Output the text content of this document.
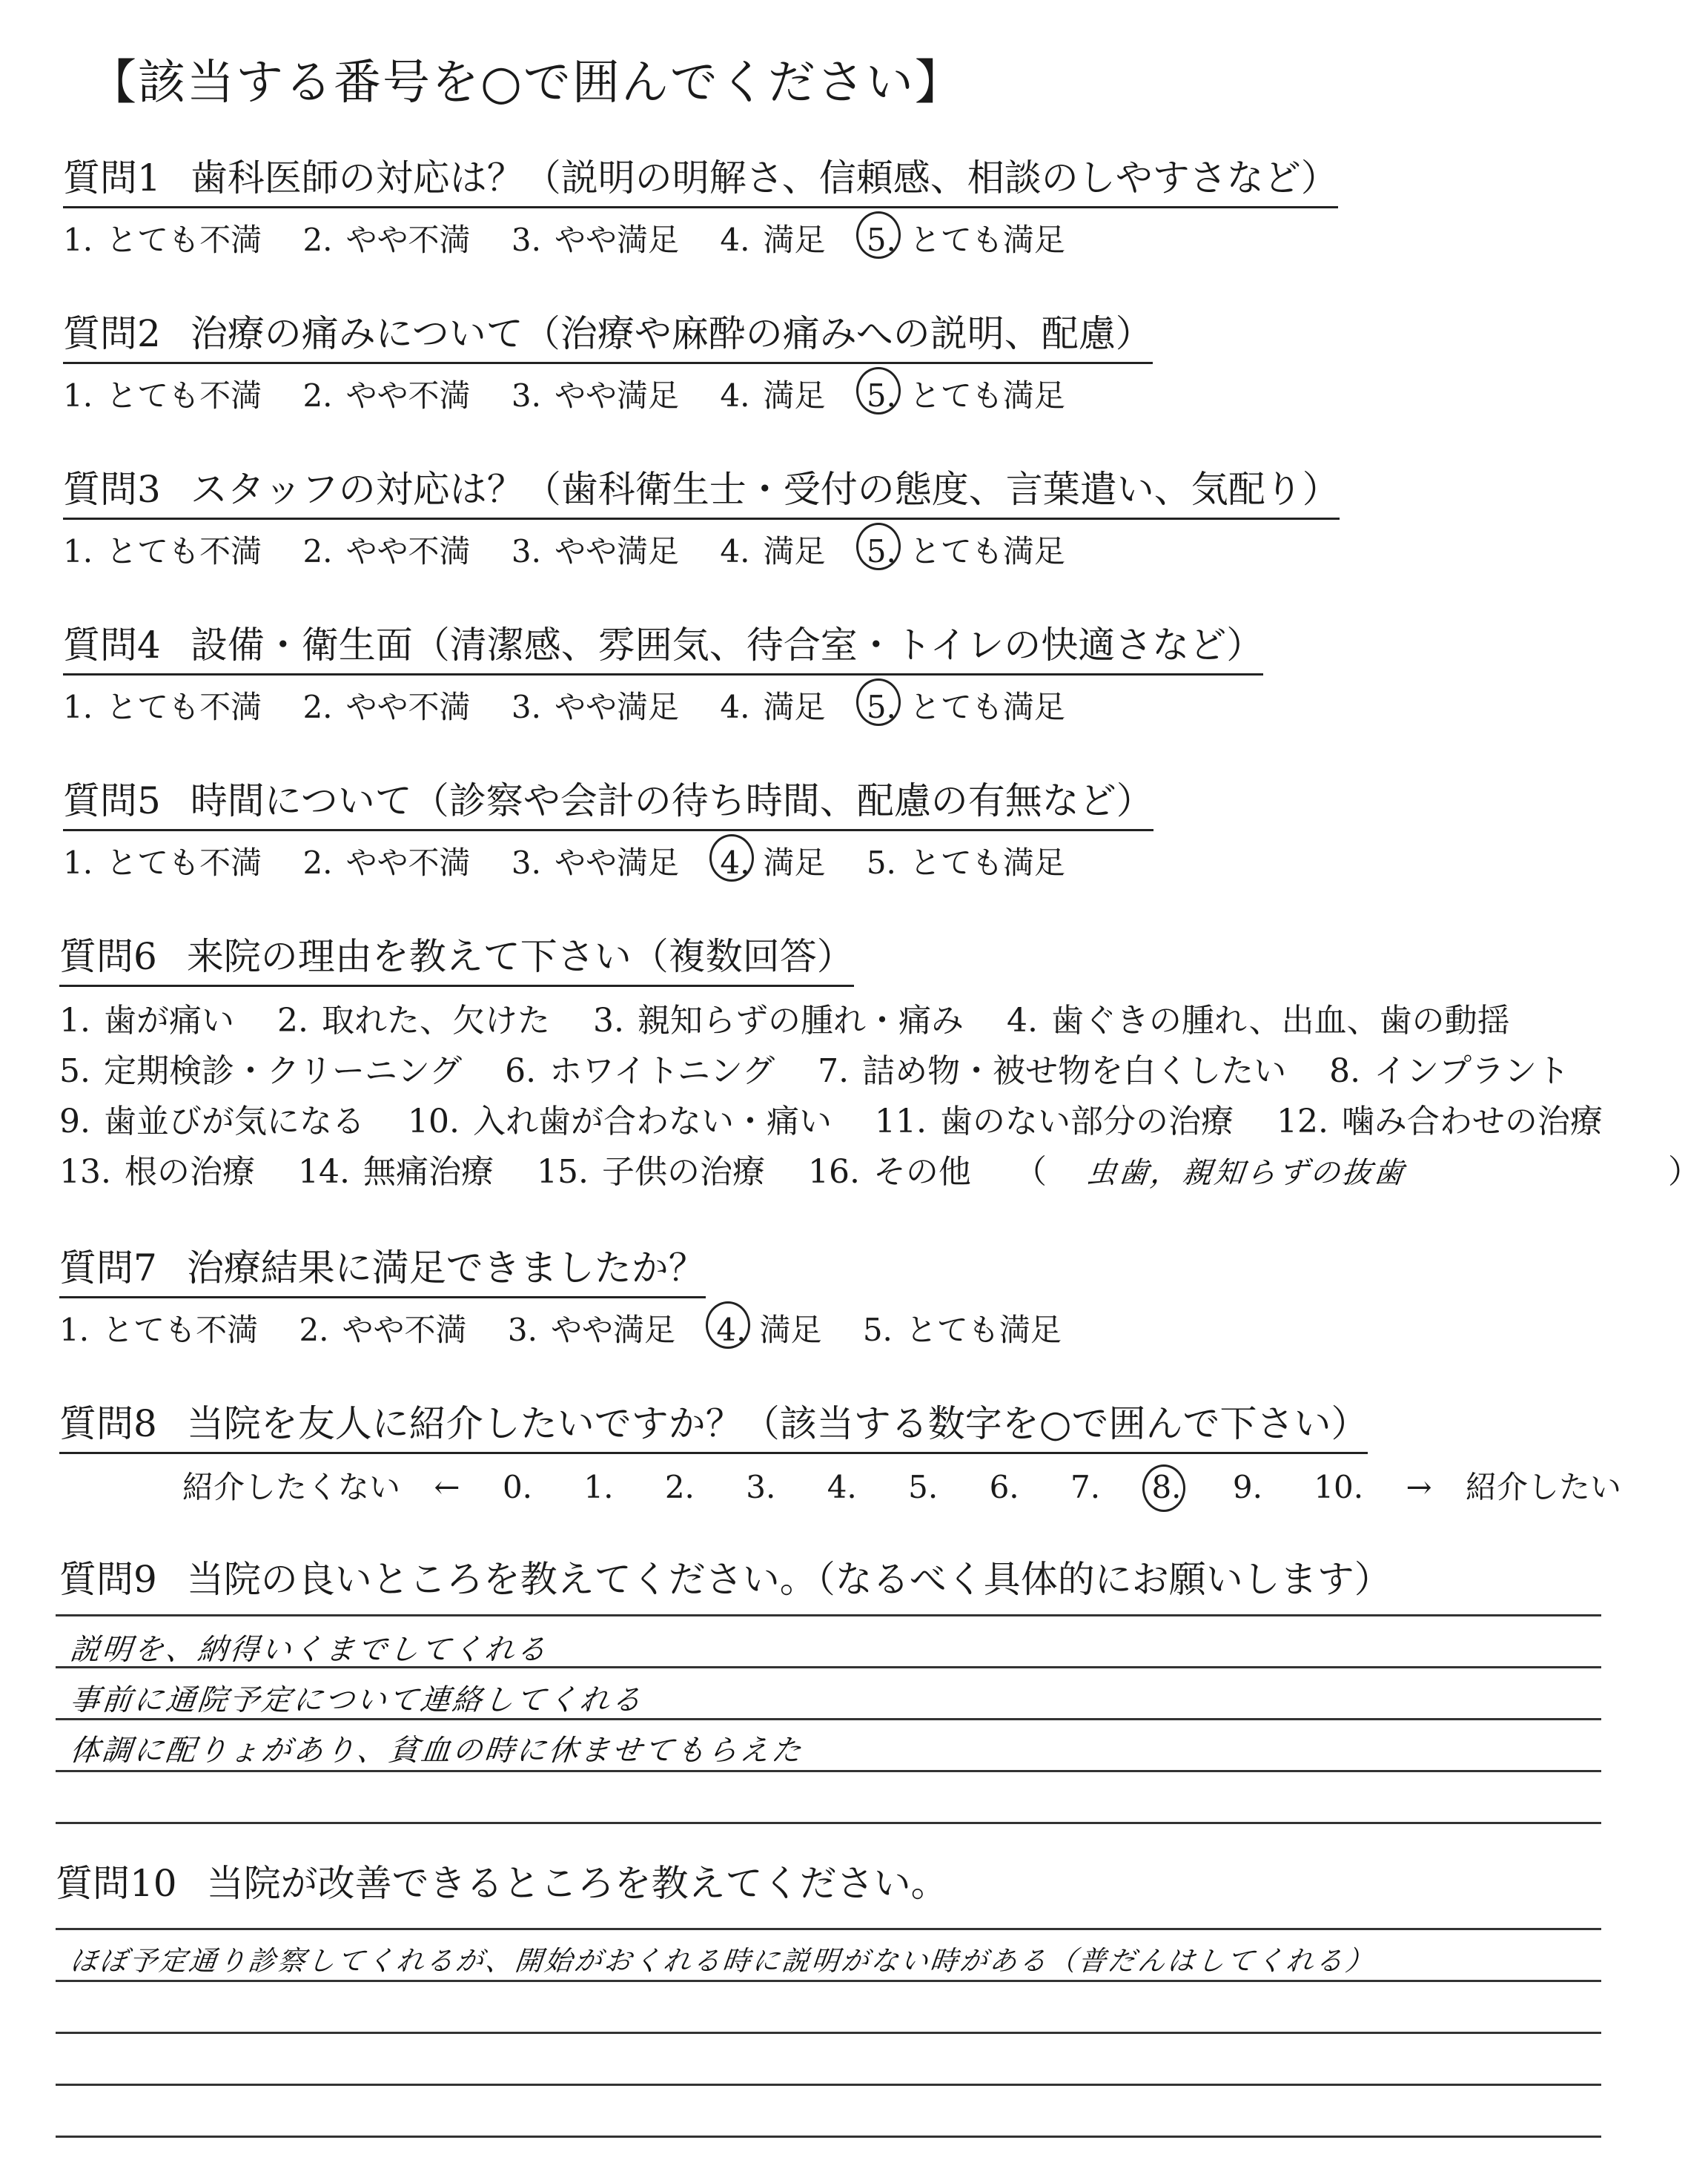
【該当する番号を○で囲んでください】
質問1 歯科医師の対応は？（説明の明解さ、信頼感、相談のしやすさなど）
1. とても不満 2. やや不満 3. やや満足 4. 満足 5. とても満足
質問2 治療の痛みについて（治療や麻酔の痛みへの説明、配慮）
1. とても不満 2. やや不満 3. やや満足 4. 満足 5. とても満足
質問3 スタッフの対応は？（歯科衛生士・受付の態度、言葉遣い、気配り）
1. とても不満 2. やや不満 3. やや満足 4. 満足 5. とても満足
質問4 設備・衛生面（清潔感、雰囲気、待合室・トイレの快適さなど）
1. とても不満 2. やや不満 3. やや満足 4. 満足 5. とても満足
質問5 時間について（診察や会計の待ち時間、配慮の有無など）
1. とても不満 2. やや不満 3. やや満足 4. 満足 5. とても満足
質問6 来院の理由を教えて下さい（複数回答）
1. 歯が痛い 2. 取れた、欠けた 3. 親知らずの腫れ・痛み 4. 歯ぐきの腫れ、出血、歯の動揺
5. 定期検診・クリーニング 6. ホワイトニング 7. 詰め物・被せ物を白くしたい 8. インプラント
9. 歯並びが気になる 10. 入れ歯が合わない・痛い 11. 歯のない部分の治療 12. 噛み合わせの治療
13. 根の治療 14. 無痛治療 15. 子供の治療 16. その他 （ 虫歯，親知らずの抜歯	）
質問7 治療結果に満足できましたか？
1. とても不満 2. やや不満 3. やや満足 4. 満足 5. とても満足
質問8 当院を友人に紹介したいですか？（該当する数字を○で囲んで下さい）
紹介したくない ← 0. 1. 2. 3. 4. 5. 6. 7. 8. 9. 10. → 紹介したい
質問9 当院の良いところを教えてください。（なるべく具体的にお願いします）
説明を、納得いくまでしてくれる
事前に通院予定について連絡してくれる
体調に配りょがあり、貧血の時に休ませてもらえた
質問10 当院が改善できるところを教えてください。
ほぼ予定通り診察してくれるが、開始がおくれる時に説明がない時がある（普だんはしてくれる）
